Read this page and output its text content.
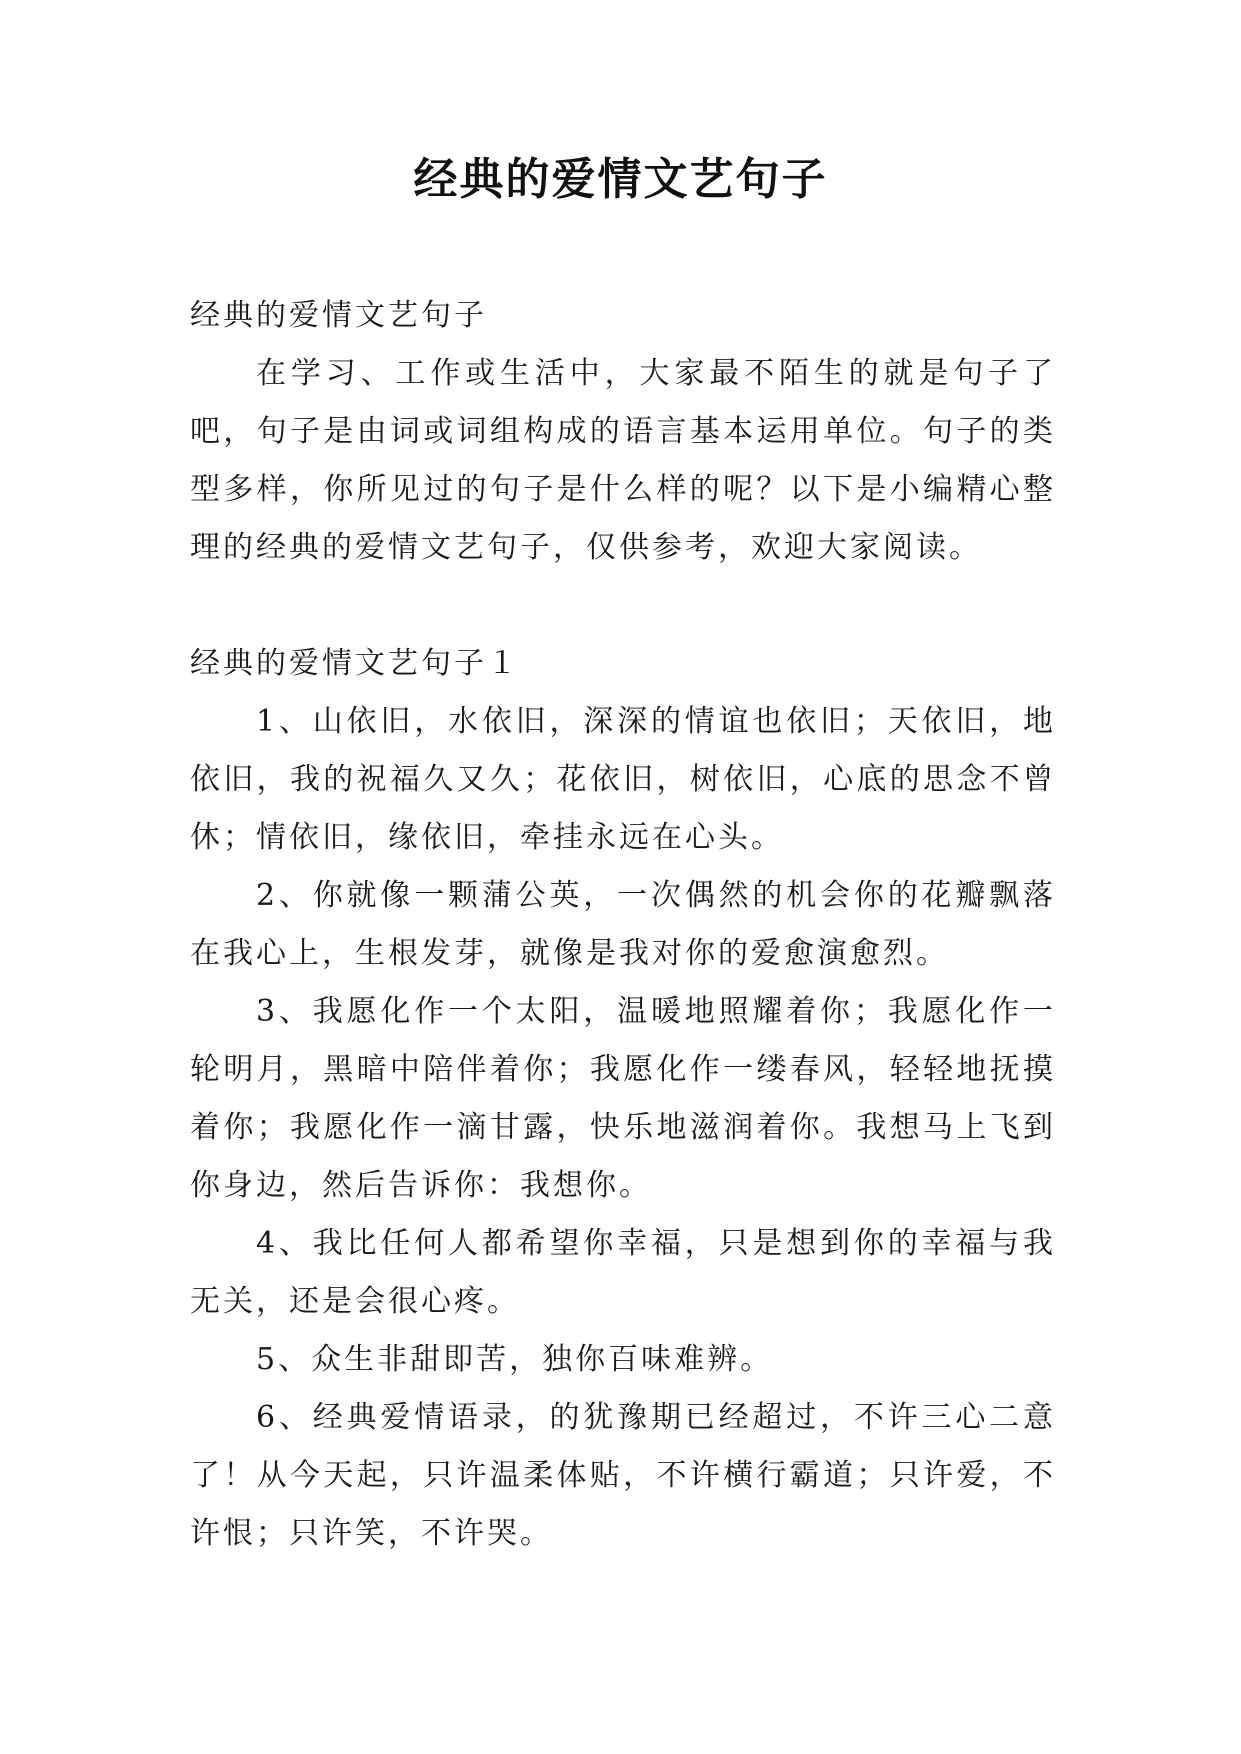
经典的爱情文艺句子

经典的爱情文艺句子

在学习、工作或生活中，大家最不陌生的就是句子了吧，句子是由词或词组构成的语言基本运用单位。句子的类型多样，你所见过的句子是什么样的呢？以下是小编精心整理的经典的爱情文艺句子，仅供参考，欢迎大家阅读。

经典的爱情文艺句子１

1、山依旧，水依旧，深深的情谊也依旧；天依旧，地依旧，我的祝福久又久；花依旧，树依旧，心底的思念不曾休；情依旧，缘依旧，牵挂永远在心头。

2、你就像一颗蒲公英，一次偶然的机会你的花瓣飘落在我心上，生根发芽，就像是我对你的爱愈演愈烈。

3、我愿化作一个太阳，温暖地照耀着你；我愿化作一轮明月，黑暗中陪伴着你；我愿化作一缕春风，轻轻地抚摸着你；我愿化作一滴甘露，快乐地滋润着你。我想马上飞到你身边，然后告诉你：我想你。

4、我比任何人都希望你幸福，只是想到你的幸福与我无关，还是会很心疼。

5、众生非甜即苦，独你百味难辨。

6、经典爱情语录，的犹豫期已经超过，不许三心二意了！从今天起，只许温柔体贴，不许横行霸道；只许爱，不许恨；只许笑，不许哭。
